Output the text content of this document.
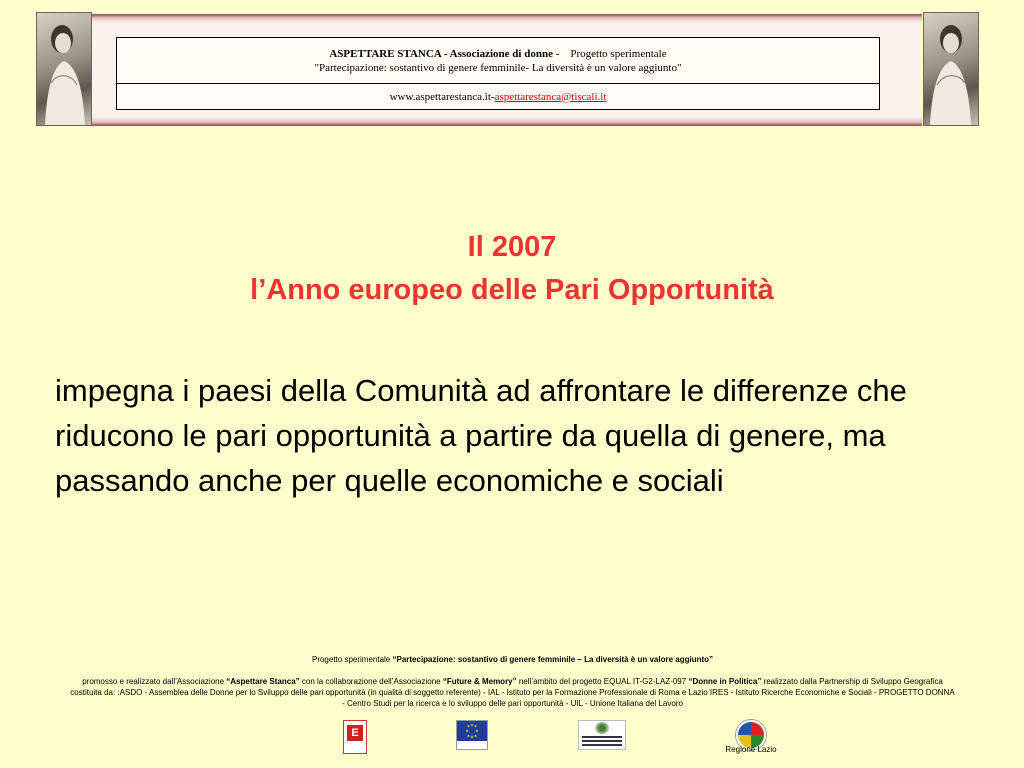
ASPETTARE STANCA - Associazione di donne -    Progetto sperimentale
"Partecipazione: sostantivo di genere femminile- La diversità è un valore aggiunto"
www.aspettarestanca.it - aspettarestanca@tiscali.it
Il 2007
l’Anno europeo delle Pari Opportunità
impegna i paesi della Comunità ad affrontare le differenze che riducono le pari opportunità a partire da quella di genere, ma passando anche per quelle economiche e sociali
Progetto sperimentale “Partecipazione: sostantivo di genere femminile – La diversità è un valore aggiunto”
promosso e realizzato dall’Associazione “Aspettare Stanca” con la collaborazione dell’Associazione “Future & Memory” nell’ambito del progetto EQUAL IT-G2-LAZ-097 “Donne in Politica” realizzato dalla Partnership di Sviluppo Geografica costituita da: :ASDO - Assemblea delle Donne per lo Sviluppo delle pari opportunità (in qualità di soggetto referente) - IAL - Istituto per la Formazione Professionale di Roma e Lazio IRES - Istituto Ricerche Economiche e Sociali - PROGETTO DONNA - Centro Studi per la ricerca e lo sviluppo delle pari opportunità - UIL - Unione Italiana del Lavoro
E
Regione Lazio
